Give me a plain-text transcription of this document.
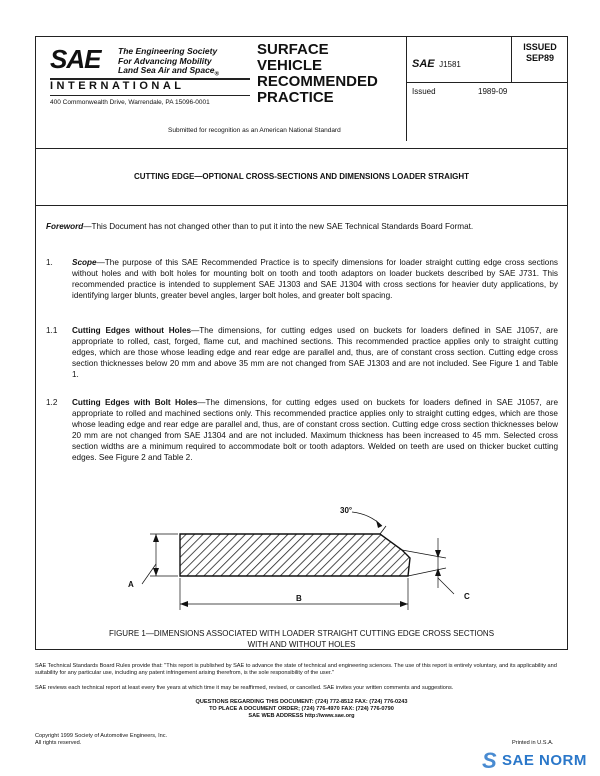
SAE The Engineering Society
For Advancing Mobility
Land Sea Air and Space$_®$
INTERNATIONAL
400 Commonwealth Drive, Warrendale, PA 15096-0001
SURFACE
VEHICLE
RECOMMENDED
PRACTICE
SAE J1581
ISSUED
SEP89
Issued	1989-09
Submitted for recognition as an American National Standard
CUTTING EDGE—OPTIONAL CROSS-SECTIONS AND DIMENSIONS LOADER STRAIGHT
Foreword—This Document has not changed other than to put it into the new SAE Technical Standards Board Format.
1.	Scope—The purpose of this SAE Recommended Practice is to specify dimensions for loader straight cutting edge cross sections without holes and with bolt holes for mounting bolt on tooth and tooth adaptors on loader buckets described by SAE J731. This recommended practice is intended to supplement SAE J1303 and SAE J1304 with cross sections for heavier duty applications, by identifying larger blunts, greater bevel angles, larger bolt holes, and greater bolt spacing.
1.1	Cutting Edges without Holes—The dimensions, for cutting edges used on buckets for loaders defined in SAE J1057, are appropriate to rolled, cast, forged, flame cut, and machined sections. This recommended practice applies only to straight cutting edges, which are those whose leading edge and rear edge are parallel and, thus, are of constant cross section. Cutting edge cross section thicknesses below 20 mm and above 35 mm are not changed from SAE J1303 and are not included. See Figure 1 and Table 1.
1.2	Cutting Edges with Bolt Holes—The dimensions, for cutting edges used on buckets for loaders defined in SAE J1057, are appropriate to rolled and machined sections only. This recommended practice applies only to straight cutting edges, which are those whose leading edge and rear edge are parallel and, thus, are of constant cross section. Cutting edge cross section thicknesses below 20 mm are not changed from SAE J1304 and are not included. Maximum thickness has been increased to 45 mm. Selected cross section widths are a minimum required to accommodate bolt or tooth adaptors. Welded on teeth are used on thicker bucket cutting edges. See Figure 2 and Table 2.
30°
A
B	C
FIGURE 1—DIMENSIONS ASSOCIATED WITH LOADER STRAIGHT CUTTING EDGE CROSS SECTIONS
WITH AND WITHOUT HOLES
SAE Technical Standards Board Rules provide that: "This report is published by SAE to advance the state of technical and engineering sciences. The use of this report is entirely voluntary, and its applicability and suitability for any particular use, including any patent infringement arising therefrom, is the sole responsibility of the user."
SAE reviews each technical report at least every five years at which time it may be reaffirmed, revised, or cancelled. SAE invites your written comments and suggestions.
QUESTIONS REGARDING THIS DOCUMENT: (724) 772-8512 FAX: (724) 776-0243
TO PLACE A DOCUMENT ORDER; (724) 776-4970 FAX: (724) 776-0790
SAE WEB ADDRESS http://www.sae.org
Copyright 1999 Society of Automotive Engineers, Inc.
All rights reserved.	Printed in U.S.A.
S SAE NORM
